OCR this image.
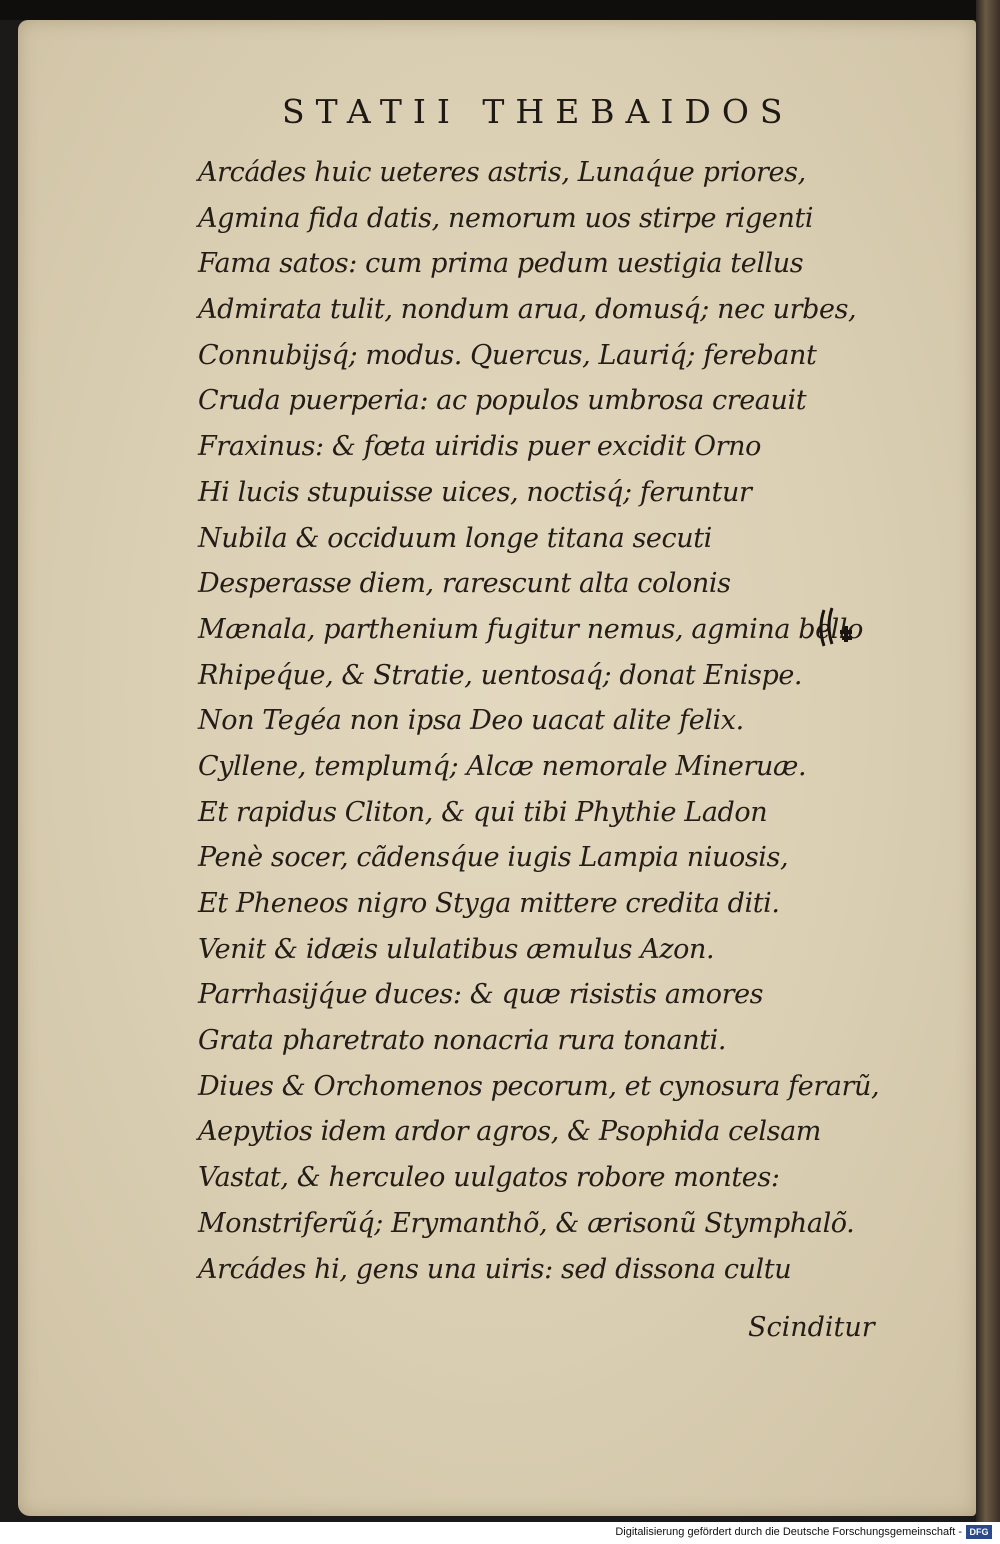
STATII THEBAIDOS
Arcádes huic ueteres astris, Lunaq́ue priores,
Agmina fida datis, nemorum uos stirpe rigenti
Fama satos: cum prima pedum uestigia tellus
Admirata tulit, nondum arua, domusq́; nec urbes,
Connubijsq́; modus. Quercus, Lauriq́; ferebant
Cruda puerperia: ac populos umbrosa creauit
Fraxinus: & fœta uiridis puer excidit Orno
Hi lucis stupuisse uices, noctisq́; feruntur
Nubila & occiduum longe titana secuti
Desperasse diem, rarescunt alta colonis
Mænala, parthenium fugitur nemus, agmina bello
Rhipeq́ue, & Stratie, uentosaq́; donat Enispe.
Non Tegéa non ipsa Deo uacat alite felix.
Cyllene, templumq́; Alcæ nemorale Mineruæ.
Et rapidus Cliton, & qui tibi Phythie Ladon
Penè socer, cãdensq́ue iugis Lampia niuosis,
Et Pheneos nigro Styga mittere credita diti.
Venit & idæis ululatibus æmulus Azon.
Parrhasijq́ue duces: & quæ risistis amores
Grata pharetrato nonacria rura tonanti.
Diues & Orchomenos pecorum, et cynosura ferarũ,
Aepytios idem ardor agros, & Psophida celsam
Vastat, & herculeo uulgatos robore montes:
Monstriferũq́; Erymanthõ, & ærisonũ Stymphalõ.
Arcádes hi, gens una uiris: sed dissona cultu
Scinditur
Digitalisierung gefördert durch die Deutsche Forschungsgemeinschaft - DFG
